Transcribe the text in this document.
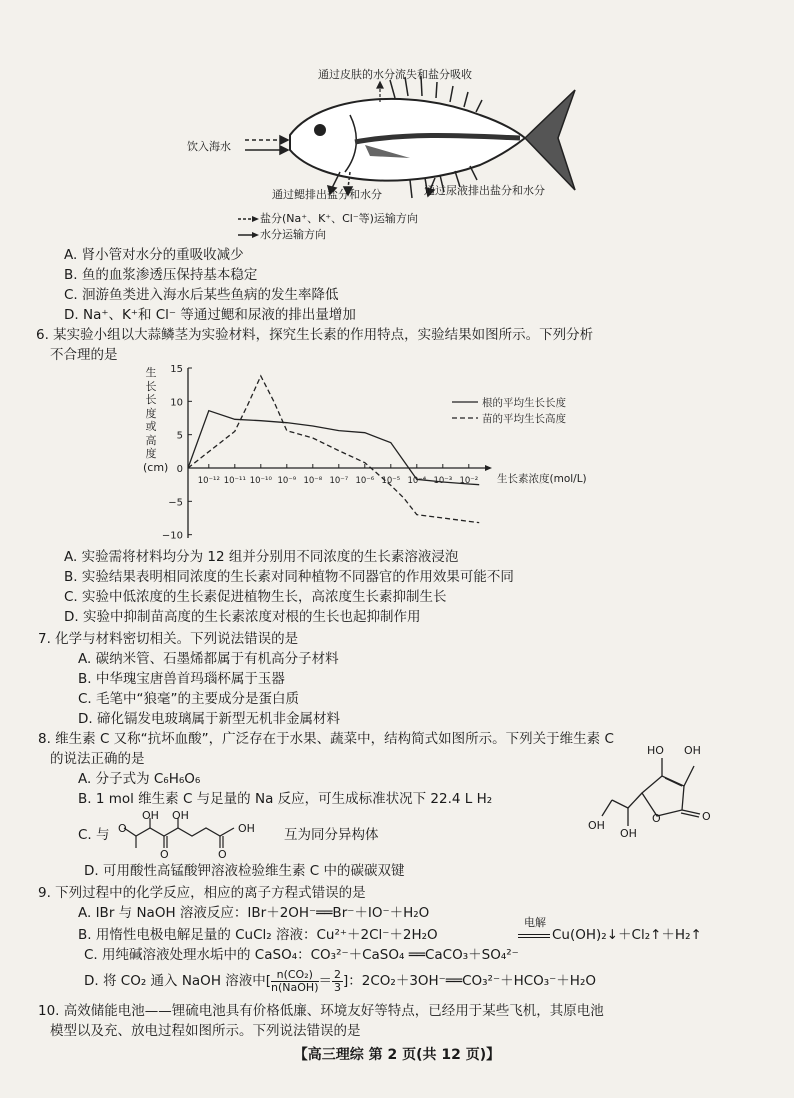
通过皮肤的水分流失和盐分吸收
饮入海水
通过鳃排出盐分和水分	通过尿液排出盐分和水分
盐分(Na⁺、K⁺、Cl⁻等)运输方向
水分运输方向
A. 肾小管对水分的重吸收减少
B. 鱼的血浆渗透压保持基本稳定
C. 洄游鱼类进入海水后某些鱼病的发生率降低
D. Na⁺、K⁺和 Cl⁻ 等通过鳃和尿液的排出量增加
6. 某实验小组以大蒜鳞茎为实验材料，探究生长素的作用特点，实验结果如图所示。下列分析
不合理的是
生长长度或高度(cm)
−10
−5
0
5
10
15
10⁻¹² 10⁻¹¹ 10⁻¹⁰ 10⁻⁹ 10⁻⁸ 10⁻⁷ 10⁻⁶ 10⁻⁵ 10⁻⁴ 10⁻³ 10⁻² 生长素浓度(mol/L)
根的平均生长长度
苗的平均生长高度
A. 实验需将材料均分为 12 组并分别用不同浓度的生长素溶液浸泡
B. 实验结果表明相同浓度的生长素对同种植物不同器官的作用效果可能不同
C. 实验中低浓度的生长素促进植物生长，高浓度生长素抑制生长
D. 实验中抑制苗高度的生长素浓度对根的生长也起抑制作用
7. 化学与材料密切相关。下列说法错误的是
A. 碳纳米管、石墨烯都属于有机高分子材料
B. 中华瑰宝唐兽首玛瑙杯属于玉器
C. 毛笔中“狼毫”的主要成分是蛋白质
D. 碲化镉发电玻璃属于新型无机非金属材料
8. 维生素 C 又称“抗坏血酸”，广泛存在于水果、蔬菜中，结构简式如图所示。下列关于维生素 C
的说法正确的是
A. 分子式为 C₆H₆O₆
B. 1 mol 维生素 C 与足量的 Na 反应，可生成标准状况下 22.4 L H₂
C. 与 O
OH
O
OH
O
OH 互为同分异构体
D. 可用酸性高锰酸钾溶液检验维生素 C 中的碳碳双键
HO OH
O	O
OH
OH
9. 下列过程中的化学反应，相应的离子方程式错误的是
A. IBr 与 NaOH 溶液反应：IBr＋2OH⁻══Br⁻＋IO⁻＋H₂O
B. 用惰性电极电解足量的 CuCl₂ 溶液：Cu²⁺＋2Cl⁻＋2H₂O
电解
Cu(OH)₂↓＋Cl₂↑＋H₂↑
C. 用纯碱溶液处理水垢中的 CaSO₄：CO₃²⁻＋CaSO₄ ══CaCO₃＋SO₄²⁻
D. 将 CO₂ 通入 NaOH 溶液中[ $\frac{\text{n(CO₂)}}{\text{n(NaOH)}} = \frac{2}{3}$ ]：2CO₂＋3OH⁻══CO₃²⁻＋HCO₃⁻＋H₂O
10. 高效储能电池——锂硫电池具有价格低廉、环境友好等特点，已经用于某些飞机，其原电池
模型以及充、放电过程如图所示。下列说法错误的是
【高三理综 第 2 页(共 12 页)】
